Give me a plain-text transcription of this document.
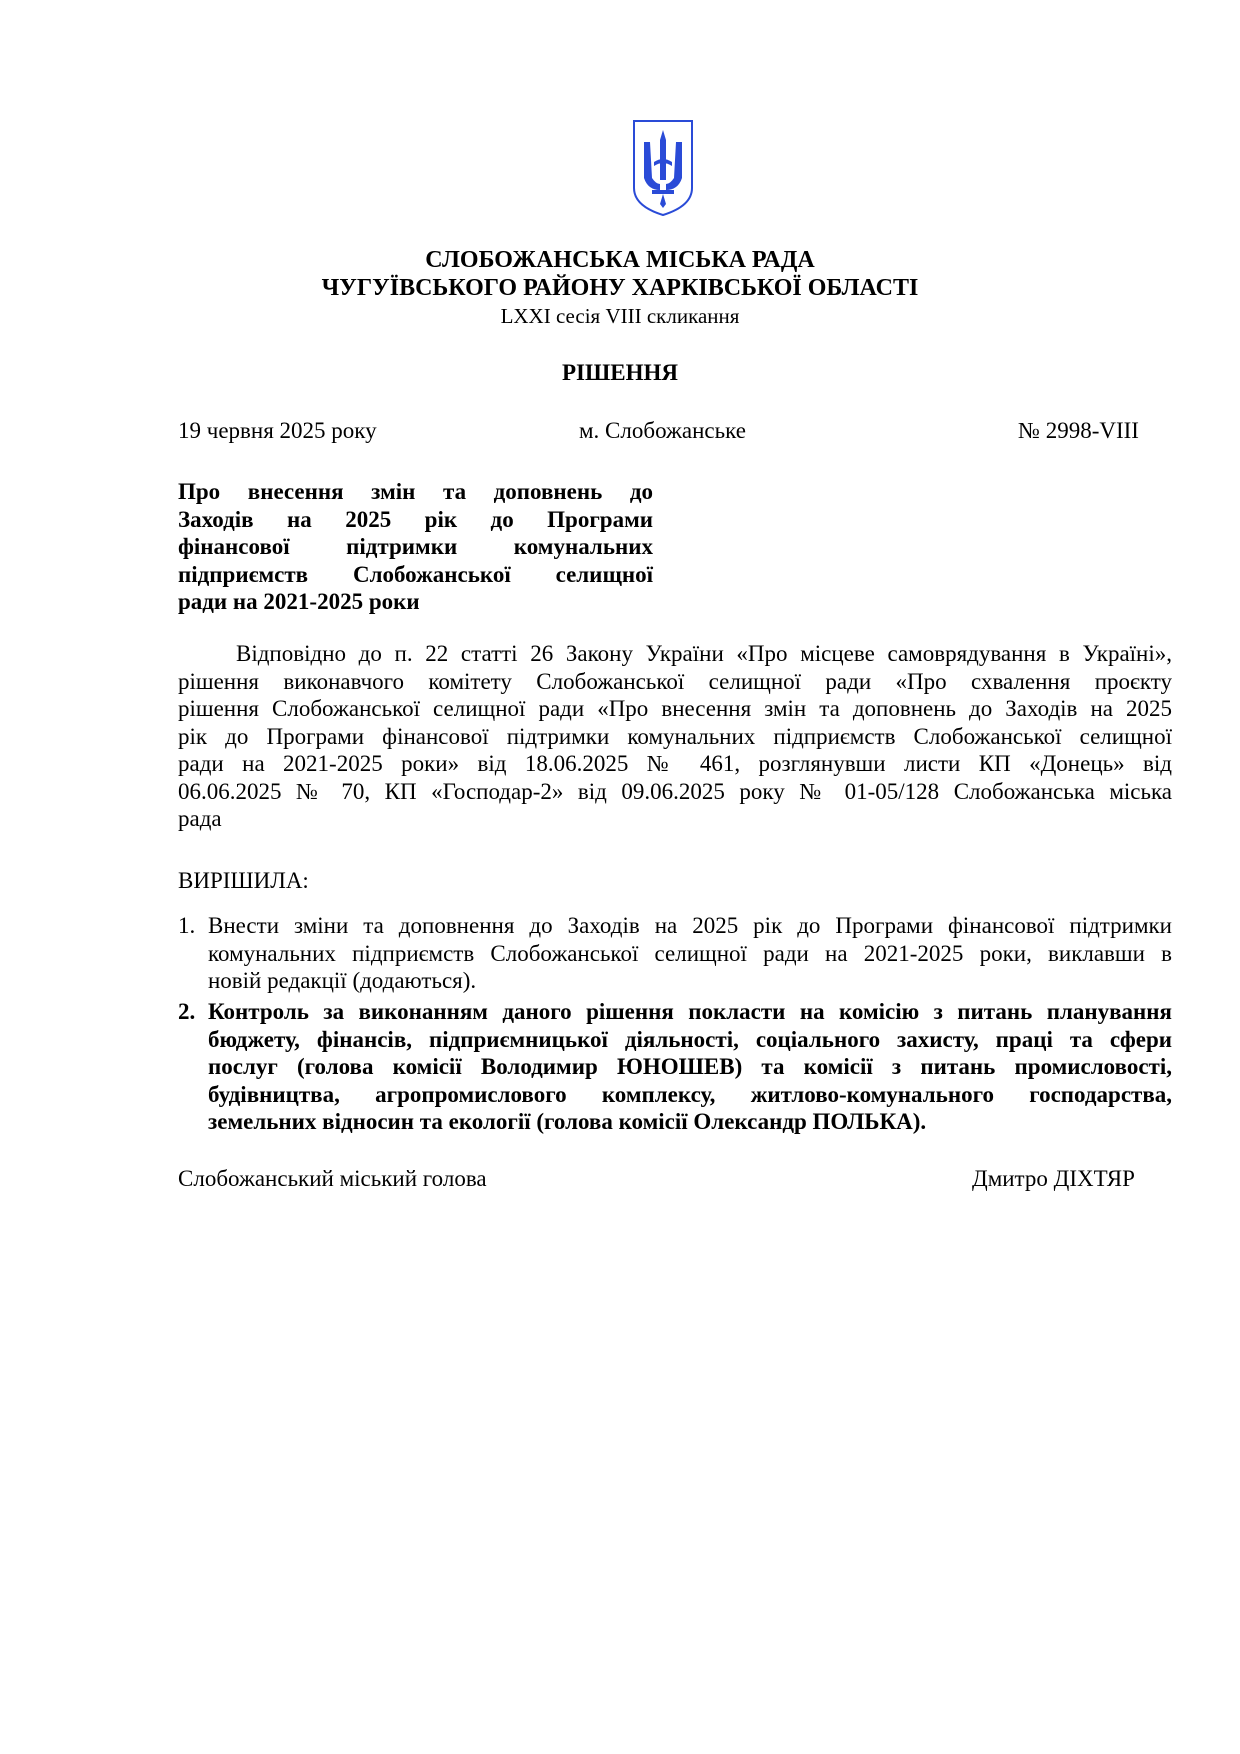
СЛОБОЖАНСЬКА МІСЬКА РАДА
ЧУГУЇВСЬКОГО РАЙОНУ ХАРКІВСЬКОЇ ОБЛАСТІ
LXXI сесія VIII скликання
РІШЕННЯ
19 червня 2025 року	м. Слобожанське	№ 2998-VIII
Про внесення змін та доповнень до
Заходів на 2025 рік до Програми
фінансової підтримки комунальних
підприємств Слобожанської селищної
ради на 2021-2025 роки
Відповідно до п. 22 статті 26 Закону України «Про місцеве самоврядування в Україні»,
рішення виконавчого комітету Слобожанської селищної ради «Про схвалення проєкту
рішення Слобожанської селищної ради «Про внесення змін та доповнень до Заходів на 2025
рік до Програми фінансової підтримки комунальних підприємств Слобожанської селищної
ради на 2021-2025 роки» від 18.06.2025 № 461, розглянувши листи КП «Донець» від
06.06.2025 № 70, КП «Господар-2» від 09.06.2025 року № 01-05/128 Слобожанська міська
рада
ВИРІШИЛА:
1. Внести зміни та доповнення до Заходів на 2025 рік до Програми фінансової підтримки
комунальних підприємств Слобожанської селищної ради на 2021-2025 роки, виклавши в
новій редакції (додаються).
2. Контроль за виконанням даного рішення покласти на комісію з питань планування
бюджету, фінансів, підприємницької діяльності, соціального захисту, праці та сфери
послуг (голова комісії Володимир ЮНОШЕВ) та комісії з питань промисловості,
будівництва, агропромислового комплексу, житлово-комунального господарства,
земельних відносин та екології (голова комісії Олександр ПОЛЬКА).
Слобожанський міський голова	Дмитро ДІХТЯР
